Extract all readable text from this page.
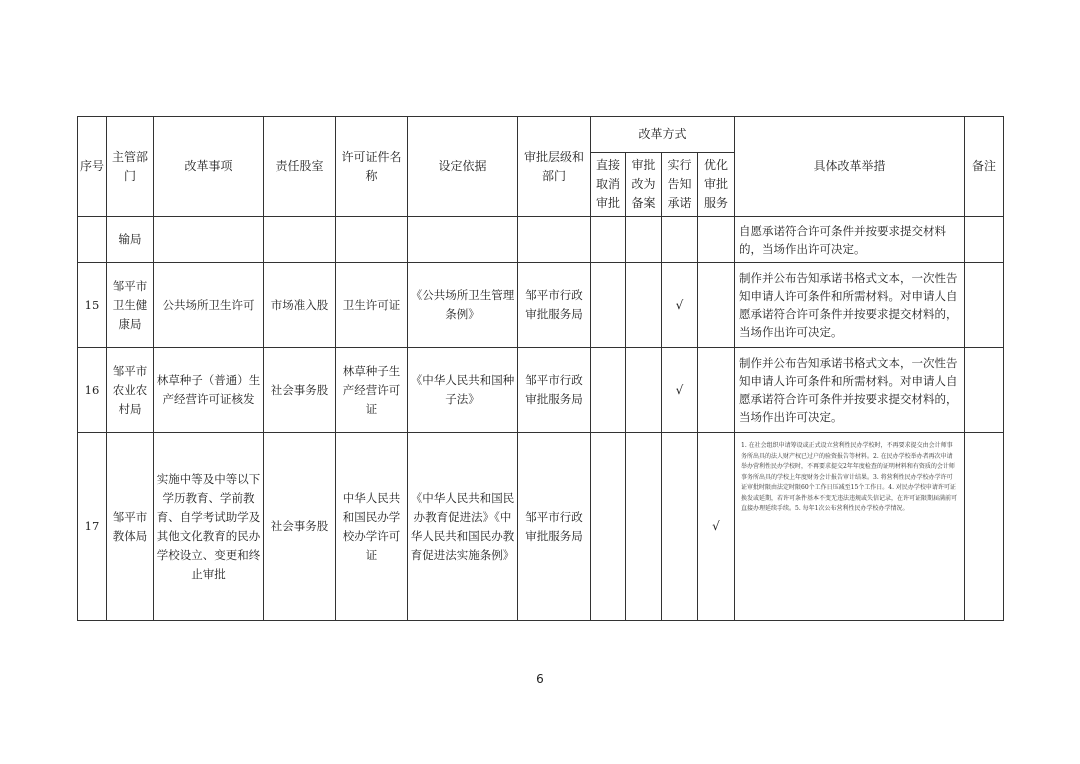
序号	主管部门	改革事项	责任股室	许可证件名称	设定依据	审批层级和部门	改革方式				具体改革举措	备注
							直接取消审批	审批改为备案	实行告知承诺	优化审批服务		
	输局										自愿承诺符合许可条件并按要求提交材料的，当场作出许可决定。	
15	邹平市卫生健康局	公共场所卫生许可	市场准入股	卫生许可证	《公共场所卫生管理条例》	邹平市行政审批服务局			√		制作并公布告知承诺书格式文本，一次性告知申请人许可条件和所需材料。对申请人自愿承诺符合许可条件并按要求提交材料的，当场作出许可决定。	
16	邹平市农业农村局	林草种子（普通）生产经营许可证核发	社会事务股	林草种子生产经营许可证	《中华人民共和国种子法》	邹平市行政审批服务局			√		制作并公布告知承诺书格式文本，一次性告知申请人许可条件和所需材料。对申请人自愿承诺符合许可条件并按要求提交材料的，当场作出许可决定。	
17	邹平市教体局	实施中等及中等以下学历教育、学前教育、自学考试助学及其他文化教育的民办学校设立、变更和终止审批	社会事务股	中华人民共和国民办学校办学许可证	《中华人民共和国民办教育促进法》《中华人民共和国民办教育促进法实施条例》	邹平市行政审批服务局				√	1. 在社会组织申请筹设或正式设立营利性民办学校时，不再要求提交由会计师事务所出具的法人财产权已过户的验资报告等材料。2. 在民办学校举办者再次申请举办营利性民办学校时，不再要求提交2年年度检查的证明材料和有资质的会计师事务所出具的学校上年度财务会计报告审计结果。3. 将营利性民办学校办学许可证审批时限由法定时限60个工作日压减至15个工作日。4. 对民办学校申请许可证换发或延期，若许可条件基本不变无违法违规或失信记录，在许可证限期届满前可直接办理延续手续。5. 每年1次公布营利性民办学校办学情况。	
6
